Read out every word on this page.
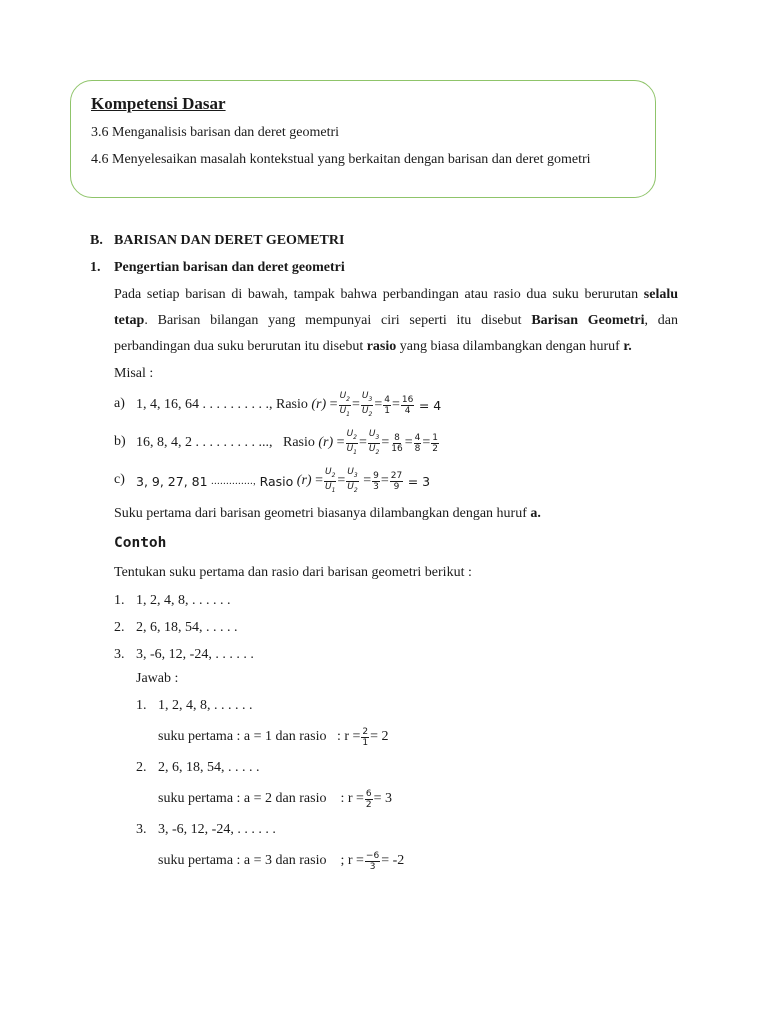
Kompetensi Dasar
3.6 Menganalisis barisan dan deret geometri
4.6 Menyelesaikan masalah kontekstual yang berkaitan dengan barisan dan deret gometri
B. BARISAN DAN DERET GEOMETRI
1. Pengertian barisan dan deret geometri
Pada setiap barisan di bawah, tampak bahwa perbandingan atau rasio dua suku berurutan selalu
tetap. Barisan bilangan yang mempunyai ciri seperti itu disebut Barisan Geometri, dan
perbandingan dua suku berurutan itu disebut rasio yang biasa dilambangkan dengan huruf r.
Misal :
a) 1, 4, 16, 64 . . . . . . . . . ., Rasio
(r)
= $\frac{U_2}{U_1} = \frac{U_3}{U_2} = \frac{4}{1} = \frac{16}{4}$
= 4
b) 16, 8, 4, 2 . . . . . . . . . ...,
Rasio
(r)
= $\frac{U_2}{U_1} = \frac{U_3}{U_2} = \frac{8}{16} = \frac{4}{8} = \frac{1}{2}$
c) 3, 9, 27, 81
..............,
Rasio
(r)
= $\frac{U_2}{U_1} = \frac{U_3}{U_2}$
= $\frac{9}{3} = \frac{27}{9}$
= 3
Suku pertama dari barisan geometri biasanya dilambangkan dengan huruf a.
Contoh
Tentukan suku pertama dan rasio dari barisan geometri berikut :
1. 1, 2, 4, 8, . . . . . .
2. 2, 6, 18, 54, . . . . .
3. 3, -6, 12, -24, . . . . . .
Jawab :
1. 1, 2, 4, 8, . . . . . .
suku pertama : a = 1 dan rasio
: $r = \frac{2}{1} = 2$
2. 2, 6, 18, 54, . . . . .
suku pertama : a = 2 dan rasio
: $r = \frac{6}{2} = 3$
3. 3, -6, 12, -24, . . . . . .
suku pertama : a = 3 dan rasio
; $r = \frac{-6}{3} = -2$
